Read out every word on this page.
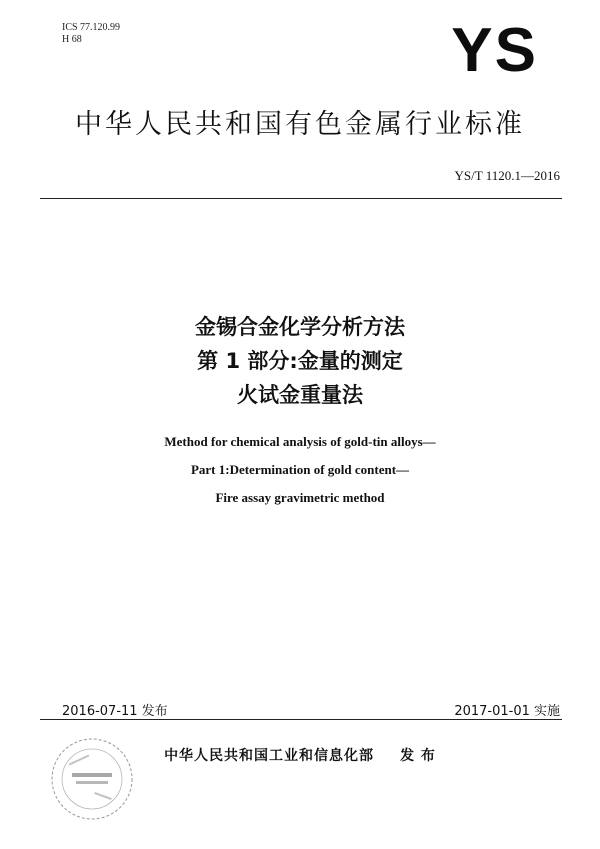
ICS 77.120.99
H 68	YS
中华人民共和国有色金属行业标准
YS/T 1120.1—2016
金锡合金化学分析方法
第 1 部分:金量的测定
火试金重量法
Method for chemical analysis of gold-tin alloys—
Part 1:Determination of gold content—
Fire assay gravimetric method
2016-07-11 发布	2017-01-01 实施
中华人民共和国工业和信息化部 发 布
